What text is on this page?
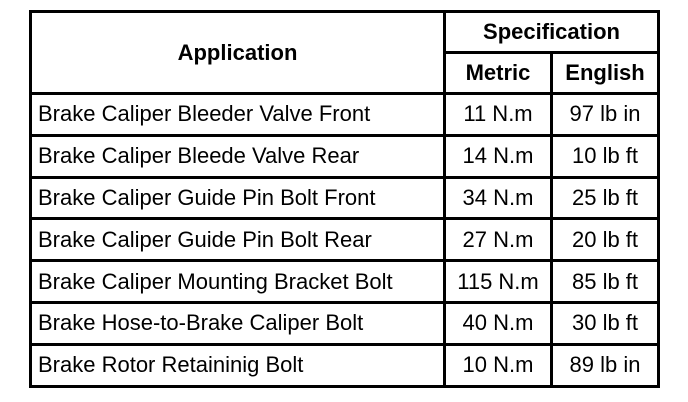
Application	Specification	
	Metric	English
Brake Caliper Bleeder Valve Front	11 N.m	97 lb in
Brake Caliper Bleede Valve Rear	14 N.m	10 lb ft
Brake Caliper Guide Pin Bolt Front	34 N.m	25 lb ft
Brake Caliper Guide Pin Bolt Rear	27 N.m	20 lb ft
Brake Caliper Mounting Bracket Bolt	115 N.m	85 lb ft
Brake Hose-to-Brake Caliper Bolt	40 N.m	30 lb ft
Brake Rotor Retaininig Bolt	10 N.m	89 lb in
